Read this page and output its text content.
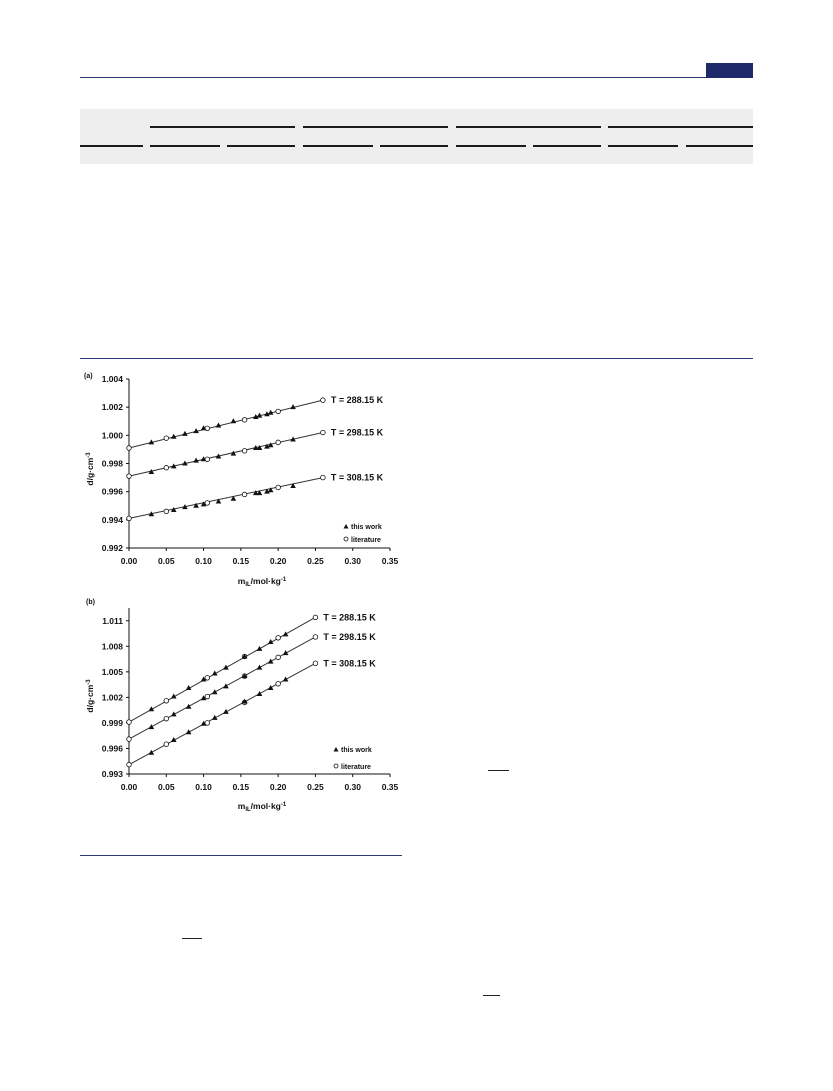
(a)
$d/g\cdot cm^{-3}$
$m_{IL}/mol\cdot kg^{-1}$
0.00 0.05 0.10 0.15 0.20 0.25 0.30 0.35
0.992
0.994
0.996
0.998
1.000
1.002
1.004
T = 288.15 K
T = 298.15 K
T = 308.15 K
this work
literature
(b)
$d/g\cdot cm^{-3}$
$m_{IL}/mol\cdot kg^{-1}$
0.00 0.05 0.10 0.15 0.20 0.25 0.30 0.35
0.993
0.996
0.999
1.002
1.005
1.008
1.011	T = 288.15 K
T = 298.15 K
T = 308.15 K
this work
literature
